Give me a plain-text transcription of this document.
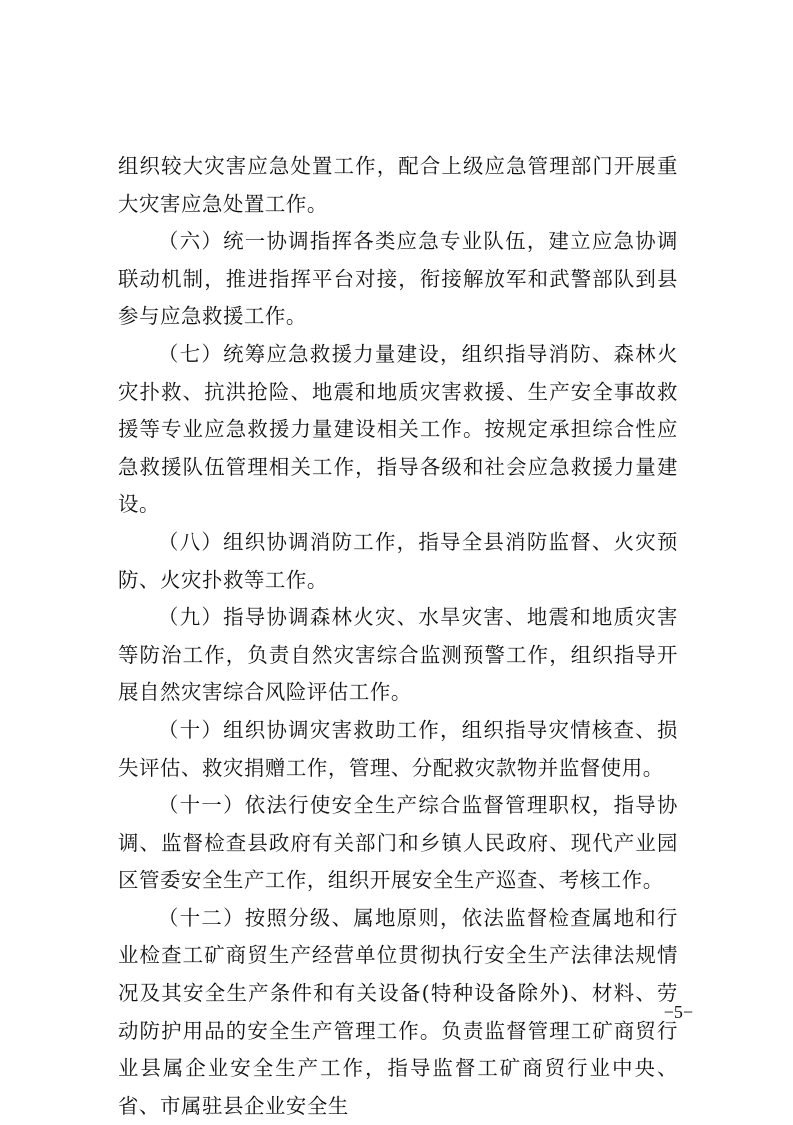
组织较大灾害应急处置工作，配合上级应急管理部门开展重大灾害应急处置工作。

（六）统一协调指挥各类应急专业队伍，建立应急协调联动机制，推进指挥平台对接，衔接解放军和武警部队到县参与应急救援工作。

（七）统筹应急救援力量建设，组织指导消防、森林火灾扑救、抗洪抢险、地震和地质灾害救援、生产安全事故救援等专业应急救援力量建设相关工作。按规定承担综合性应急救援队伍管理相关工作，指导各级和社会应急救援力量建设。

（八）组织协调消防工作，指导全县消防监督、火灾预防、火灾扑救等工作。

（九）指导协调森林火灾、水旱灾害、地震和地质灾害等防治工作，负责自然灾害综合监测预警工作，组织指导开展自然灾害综合风险评估工作。

（十）组织协调灾害救助工作，组织指导灾情核查、损失评估、救灾捐赠工作，管理、分配救灾款物并监督使用。

（十一）依法行使安全生产综合监督管理职权，指导协调、监督检查县政府有关部门和乡镇人民政府、现代产业园区管委安全生产工作，组织开展安全生产巡查、考核工作。

（十二）按照分级、属地原则，依法监督检查属地和行业检查工矿商贸生产经营单位贯彻执行安全生产法律法规情况及其安全生产条件和有关设备(特种设备除外)、材料、劳动防护用品的安全生产管理工作。负责监督管理工矿商贸行业县属企业安全生产工作，指导监督工矿商贸行业中央、省、市属驻县企业安全生

−5−
